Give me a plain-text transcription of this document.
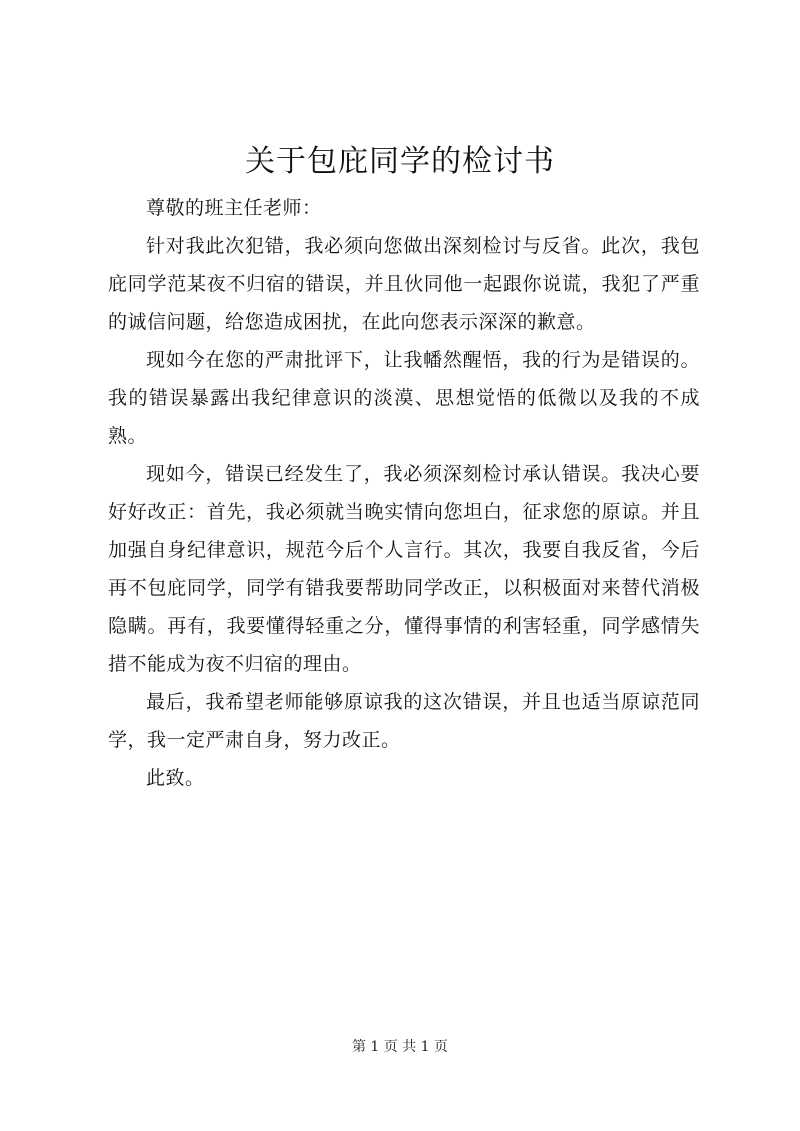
关于包庇同学的检讨书

尊敬的班主任老师：

针对我此次犯错，我必须向您做出深刻检讨与反省。此次，我包庇同学范某夜不归宿的错误，并且伙同他一起跟你说谎，我犯了严重的诚信问题，给您造成困扰，在此向您表示深深的歉意。

现如今在您的严肃批评下，让我幡然醒悟，我的行为是错误的。我的错误暴露出我纪律意识的淡漠、思想觉悟的低微以及我的不成熟。

现如今，错误已经发生了，我必须深刻检讨承认错误。我决心要好好改正：首先，我必须就当晚实情向您坦白，征求您的原谅。并且加强自身纪律意识，规范今后个人言行。其次，我要自我反省，今后再不包庇同学，同学有错我要帮助同学改正，以积极面对来替代消极隐瞒。再有，我要懂得轻重之分，懂得事情的利害轻重，同学感情失措不能成为夜不归宿的理由。

最后，我希望老师能够原谅我的这次错误，并且也适当原谅范同学，我一定严肃自身，努力改正。

此致。

第 1 页 共 1 页
